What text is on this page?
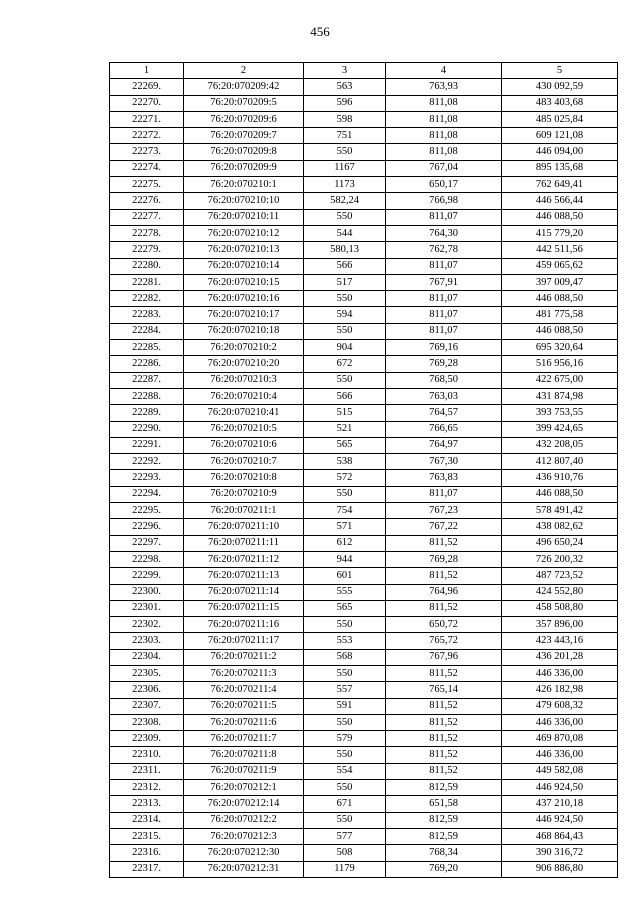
456
1	2	3	4	5
22269.	76:20:070209:42	563	763,93	430 092,59
22270.	76:20:070209:5	596	811,08	483 403,68
22271.	76:20:070209:6	598	811,08	485 025,84
22272.	76:20:070209:7	751	811,08	609 121,08
22273.	76:20:070209:8	550	811,08	446 094,00
22274.	76:20:070209:9	1167	767,04	895 135,68
22275.	76:20:070210:1	1173	650,17	762 649,41
22276.	76:20:070210:10	582,24	766,98	446 566,44
22277.	76:20:070210:11	550	811,07	446 088,50
22278.	76:20:070210:12	544	764,30	415 779,20
22279.	76:20:070210:13	580,13	762,78	442 511,56
22280.	76:20:070210:14	566	811,07	459 065,62
22281.	76:20:070210:15	517	767,91	397 009,47
22282.	76:20:070210:16	550	811,07	446 088,50
22283.	76:20:070210:17	594	811,07	481 775,58
22284.	76:20:070210:18	550	811,07	446 088,50
22285.	76:20:070210:2	904	769,16	695 320,64
22286.	76:20:070210:20	672	769,28	516 956,16
22287.	76:20:070210:3	550	768,50	422 675,00
22288.	76:20:070210:4	566	763,03	431 874,98
22289.	76:20:070210:41	515	764,57	393 753,55
22290.	76:20:070210:5	521	766,65	399 424,65
22291.	76:20:070210:6	565	764,97	432 208,05
22292.	76:20:070210:7	538	767,30	412 807,40
22293.	76:20:070210:8	572	763,83	436 910,76
22294.	76:20:070210:9	550	811,07	446 088,50
22295.	76:20:070211:1	754	767,23	578 491,42
22296.	76:20:070211:10	571	767,22	438 082,62
22297.	76:20:070211:11	612	811,52	496 650,24
22298.	76:20:070211:12	944	769,28	726 200,32
22299.	76:20:070211:13	601	811,52	487 723,52
22300.	76:20:070211:14	555	764,96	424 552,80
22301.	76:20:070211:15	565	811,52	458 508,80
22302.	76:20:070211:16	550	650,72	357 896,00
22303.	76:20:070211:17	553	765,72	423 443,16
22304.	76:20:070211:2	568	767,96	436 201,28
22305.	76:20:070211:3	550	811,52	446 336,00
22306.	76:20:070211:4	557	765,14	426 182,98
22307.	76:20:070211:5	591	811,52	479 608,32
22308.	76:20:070211:6	550	811,52	446 336,00
22309.	76:20:070211:7	579	811,52	469 870,08
22310.	76:20:070211:8	550	811,52	446 336,00
22311.	76:20:070211:9	554	811,52	449 582,08
22312.	76:20:070212:1	550	812,59	446 924,50
22313.	76:20:070212:14	671	651,58	437 210,18
22314.	76:20:070212:2	550	812,59	446 924,50
22315.	76:20:070212:3	577	812,59	468 864,43
22316.	76:20:070212:30	508	768,34	390 316,72
22317.	76:20:070212:31	1179	769,20	906 886,80
